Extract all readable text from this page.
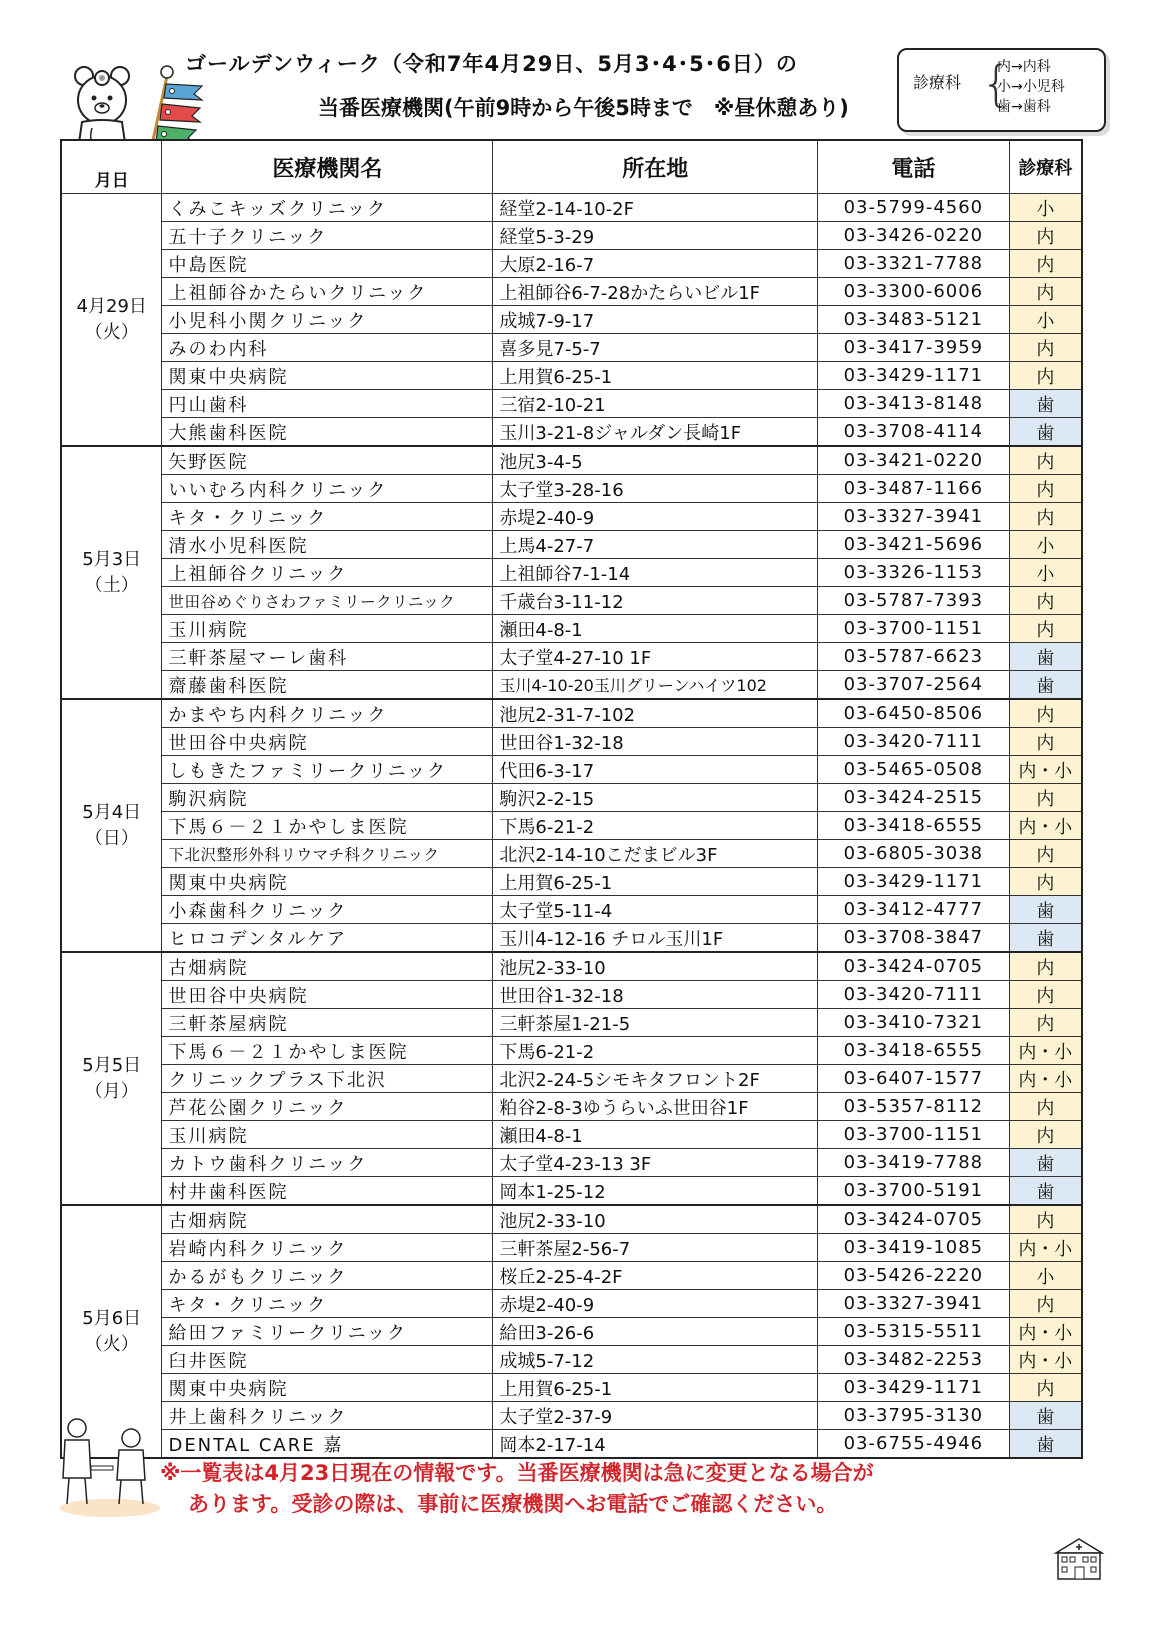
ゴールデンウィーク（令和7年4月29日、5月3･4･5･6日）の
当番医療機関(午前9時から午後5時まで　※昼休憩あり)
診療科 {
内→内科
小→小児科
歯→歯科
月日	医療機関名	所在地	電話	診療科

4月29日
（火）	くみこキッズクリニック	経堂2-14-10-2F	03-5799-4560	小
	五十子クリニック	経堂5-3-29	03-3426-0220	内
	中島医院	大原2-16-7	03-3321-7788	内
	上祖師谷かたらいクリニック	上祖師谷6-7-28かたらいビル1F	03-3300-6006	内
	小児科小関クリニック	成城7-9-17	03-3483-5121	小
	みのわ内科	喜多見7-5-7	03-3417-3959	内
	関東中央病院	上用賀6-25-1	03-3429-1171	内
	円山歯科	三宿2-10-21	03-3413-8148	歯
	大熊歯科医院	玉川3-21-8ジャルダン長崎1F	03-3708-4114	歯

5月3日
（土）	矢野医院	池尻3-4-5	03-3421-0220	内
	いいむろ内科クリニック	太子堂3-28-16	03-3487-1166	内
	キタ・クリニック	赤堤2-40-9	03-3327-3941	内
	清水小児科医院	上馬4-27-7	03-3421-5696	小
	上祖師谷クリニック	上祖師谷7-1-14	03-3326-1153	小
	世田谷めぐりさわファミリークリニック	千歳台3-11-12	03-5787-7393	内
	玉川病院	瀬田4-8-1	03-3700-1151	内
	三軒茶屋マーレ歯科	太子堂4-27-10 1F	03-5787-6623	歯
	齋藤歯科医院	玉川4-10-20玉川グリーンハイツ102	03-3707-2564	歯

5月4日
（日）	かまやち内科クリニック	池尻2-31-7-102	03-6450-8506	内
	世田谷中央病院	世田谷1-32-18	03-3420-7111	内
	しもきたファミリークリニック	代田6-3-17	03-5465-0508	内・小
	駒沢病院	駒沢2-2-15	03-3424-2515	内
	下馬６－２１かやしま医院	下馬6-21-2	03-3418-6555	内・小
	下北沢整形外科リウマチ科クリニック	北沢2-14-10こだまビル3F	03-6805-3038	内
	関東中央病院	上用賀6-25-1	03-3429-1171	内
	小森歯科クリニック	太子堂5-11-4	03-3412-4777	歯
	ヒロコデンタルケア	玉川4-12-16 チロル玉川1F	03-3708-3847	歯

5月5日
（月）	古畑病院	池尻2-33-10	03-3424-0705	内
	世田谷中央病院	世田谷1-32-18	03-3420-7111	内
	三軒茶屋病院	三軒茶屋1-21-5	03-3410-7321	内
	下馬６－２１かやしま医院	下馬6-21-2	03-3418-6555	内・小
	クリニックプラス下北沢	北沢2-24-5シモキタフロント2F	03-6407-1577	内・小
	芦花公園クリニック	粕谷2-8-3ゆうらいふ世田谷1F	03-5357-8112	内
	玉川病院	瀬田4-8-1	03-3700-1151	内
	カトウ歯科クリニック	太子堂4-23-13 3F	03-3419-7788	歯
	村井歯科医院	岡本1-25-12	03-3700-5191	歯

5月6日
（火）	古畑病院	池尻2-33-10	03-3424-0705	内
	岩崎内科クリニック	三軒茶屋2-56-7	03-3419-1085	内・小
	かるがもクリニック	桜丘2-25-4-2F	03-5426-2220	小
	キタ・クリニック	赤堤2-40-9	03-3327-3941	内
	給田ファミリークリニック	給田3-26-6	03-5315-5511	内・小
	臼井医院	成城5-7-12	03-3482-2253	内・小
	関東中央病院	上用賀6-25-1	03-3429-1171	内
	井上歯科クリニック	太子堂2-37-9	03-3795-3130	歯
	DENTAL CARE 嘉	岡本2-17-14	03-6755-4946	歯
※一覧表は4月23日現在の情報です。当番医療機関は急に変更となる場合が
あります。受診の際は、事前に医療機関へお電話でご確認ください。
